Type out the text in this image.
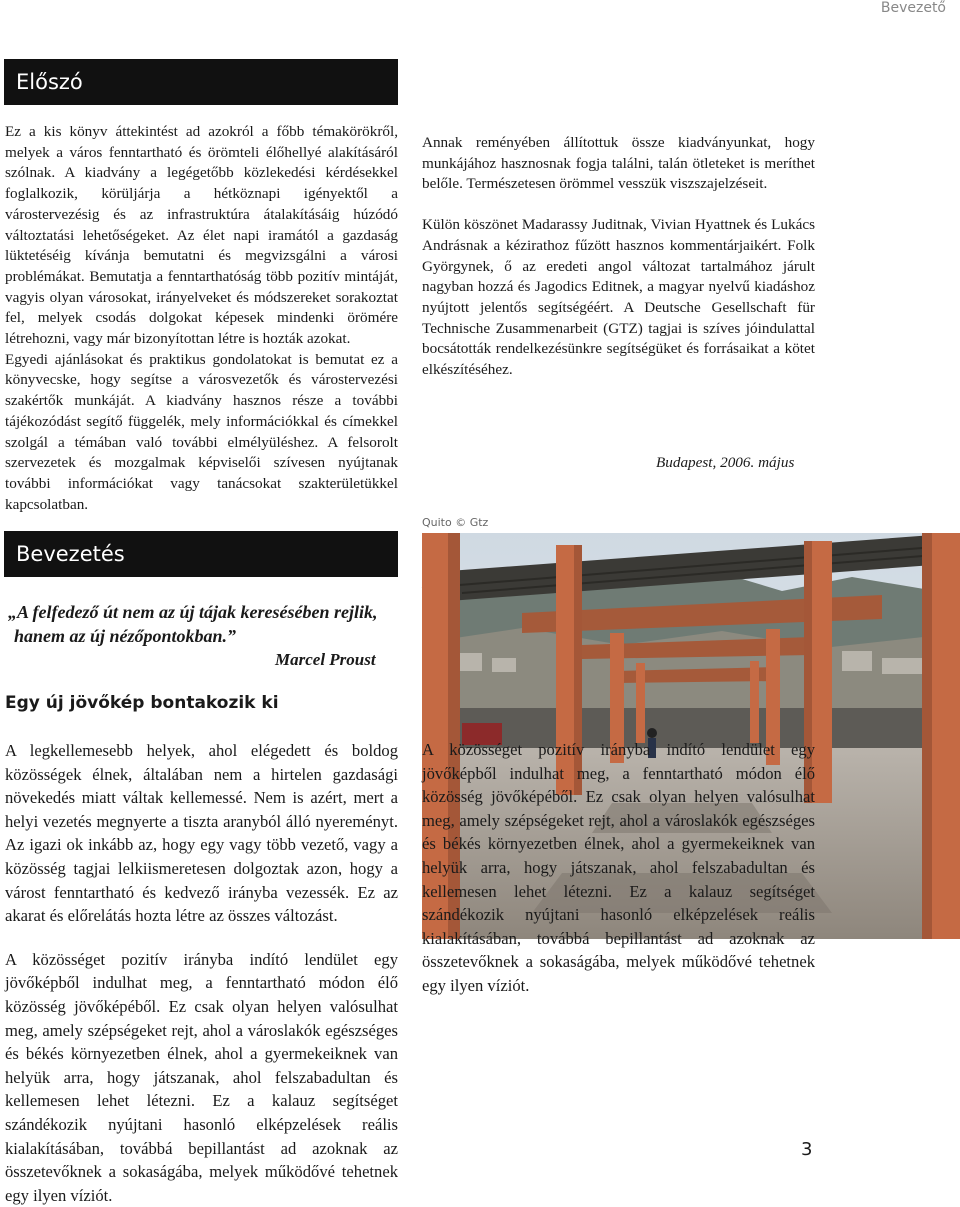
Bevezető
Előszó

Ez a kis könyv áttekintést ad azokról a főbb témakörökről, melyek a város fenntartható és örömteli élőhellyé alakításáról szólnak. A kiadvány a legégetőbb közlekedési kérdésekkel foglalkozik, körüljárja a hétköznapi igényektől a várostervezésig és az infrastruktúra átalakításáig húzódó változtatási lehetőségeket. Az élet napi iramától a gazdaság lüktetéséig kívánja bemutatni és megvizsgálni a városi problémákat. Bemutatja a fenntarthatóság több pozitív mintáját, vagyis olyan városokat, irányelveket és módszereket sorakoztat fel, melyek csodás dolgokat képesek mindenki örömére létrehozni, vagy már bizonyítottan létre is hozták azokat.

Egyedi ajánlásokat és praktikus gondolatokat is bemutat ez a könyvecske, hogy segítse a városvezetők és várostervezési szakértők munkáját. A kiadvány hasznos része a további tájékozódást segítő függelék, mely információkkal és címekkel szolgál a témában való további elmélyüléshez. A felsorolt szervezetek és mozgalmak képviselői szívesen nyújtanak további információkat vagy tanácsokat szakterületükkel kapcsolatban.

Annak reményében állítottuk össze kiadványunkat, hogy munkájához hasznosnak fogja találni, talán ötleteket is meríthet belőle. Természetesen örömmel vesszük viszszajelzéseit.

Külön köszönet Madarassy Juditnak, Vivian Hyattnek és Lukács Andrásnak a kézirathoz fűzött hasznos kommentárjaikért. Folk Györgynek, ő az eredeti angol változat tartalmához járult nagyban hozzá és Jagodics Editnek, a magyar nyelvű kiadáshoz nyújtott jelentős segítségéért. A Deutsche Gesellschaft für Technische Zusammenarbeit (GTZ) tagjai is szíves jóindulattal bocsátották rendelkezésünkre segítségüket és forrásaikat a kötet elkészítéséhez.

Budapest, 2006. május
Bevezetés
„A felfedező út nem az új tájak keresésében rejlik,
hanem az új nézőpontokban.”
Marcel Proust
Egy új jövőkép bontakozik ki

A legkellemesebb helyek, ahol elégedett és boldog közösségek élnek, általában nem a hirtelen gazdasági növekedés miatt váltak kellemessé. Nem is azért, mert a helyi vezetés megnyerte a tiszta aranyból álló nyereményt. Az igazi ok inkább az, hogy egy vagy több vezető, vagy a közösség tagjai lelkiismeretesen dolgoztak azon, hogy a várost fenntartható és kedvező irányba vezessék. Ez az akarat és előrelátás hozta létre az összes változást.

A közösséget pozitív irányba indító lendület egy jövőképből indulhat meg, a fenntartható módon élő közösség jövőképéből. Ez csak olyan helyen valósulhat meg, amely szépségeket rejt, ahol a városlakók egészséges és békés környezetben élnek, ahol a gyermekeiknek van helyük arra, hogy játszanak, ahol felszabadultan és kellemesen lehet létezni. Ez a kalauz segítséget szándékozik nyújtani hasonló elképzelések reális kialakításában, továbbá bepillantást ad azoknak az összetevőknek a sokaságába, melyek működővé tehetnek egy ilyen víziót.

Quito © Gtz

A közösséget pozitív irányba indító lendület egy jövőképből indulhat meg, a fenntartható módon élő közösség jövőképéből. Ez csak olyan helyen valósulhat meg, amely szépségeket rejt, ahol a városlakók egészséges és békés környezetben élnek, ahol a gyermekeiknek van helyük arra, hogy játszanak, ahol felszabadultan és kellemesen lehet létezni. Ez a kalauz segítséget szándékozik nyújtani hasonló elképzelések reális kialakításában, továbbá bepillantást ad azoknak az összetevőknek a sokaságába, melyek működővé tehetnek egy ilyen víziót.

3
